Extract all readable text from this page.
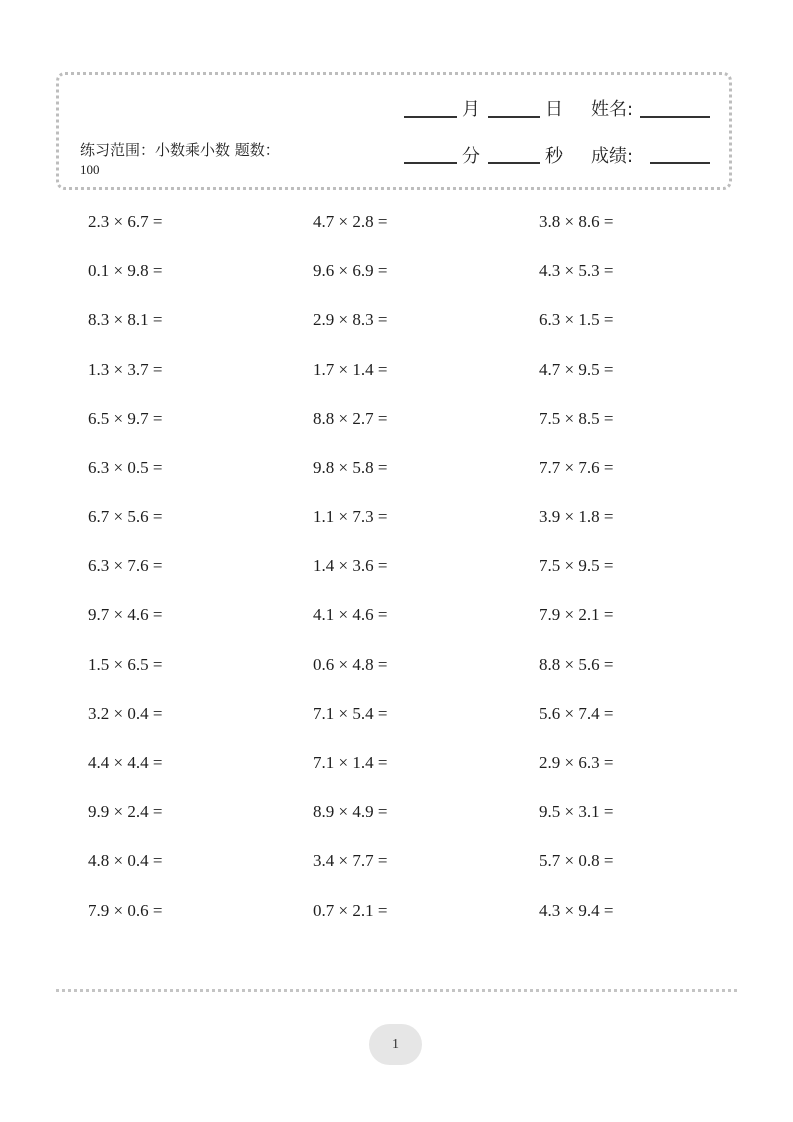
月	日 姓名:
分	秒 成绩:
练习范围：小数乘小数 题数：
100
2.3 × 6.7 =
0.1 × 9.8 =
8.3 × 8.1 =
1.3 × 3.7 =
6.5 × 9.7 =
6.3 × 0.5 =
6.7 × 5.6 =
6.3 × 7.6 =
9.7 × 4.6 =
1.5 × 6.5 =
3.2 × 0.4 =
4.4 × 4.4 =
9.9 × 2.4 =
4.8 × 0.4 =
7.9 × 0.6 =
4.7 × 2.8 =
9.6 × 6.9 =
2.9 × 8.3 =
1.7 × 1.4 =
8.8 × 2.7 =
9.8 × 5.8 =
1.1 × 7.3 =
1.4 × 3.6 =
4.1 × 4.6 =
0.6 × 4.8 =
7.1 × 5.4 =
7.1 × 1.4 =
8.9 × 4.9 =
3.4 × 7.7 =
0.7 × 2.1 =
3.8 × 8.6 =
4.3 × 5.3 =
6.3 × 1.5 =
4.7 × 9.5 =
7.5 × 8.5 =
7.7 × 7.6 =
3.9 × 1.8 =
7.5 × 9.5 =
7.9 × 2.1 =
8.8 × 5.6 =
5.6 × 7.4 =
2.9 × 6.3 =
9.5 × 3.1 =
5.7 × 0.8 =
4.3 × 9.4 =
1
